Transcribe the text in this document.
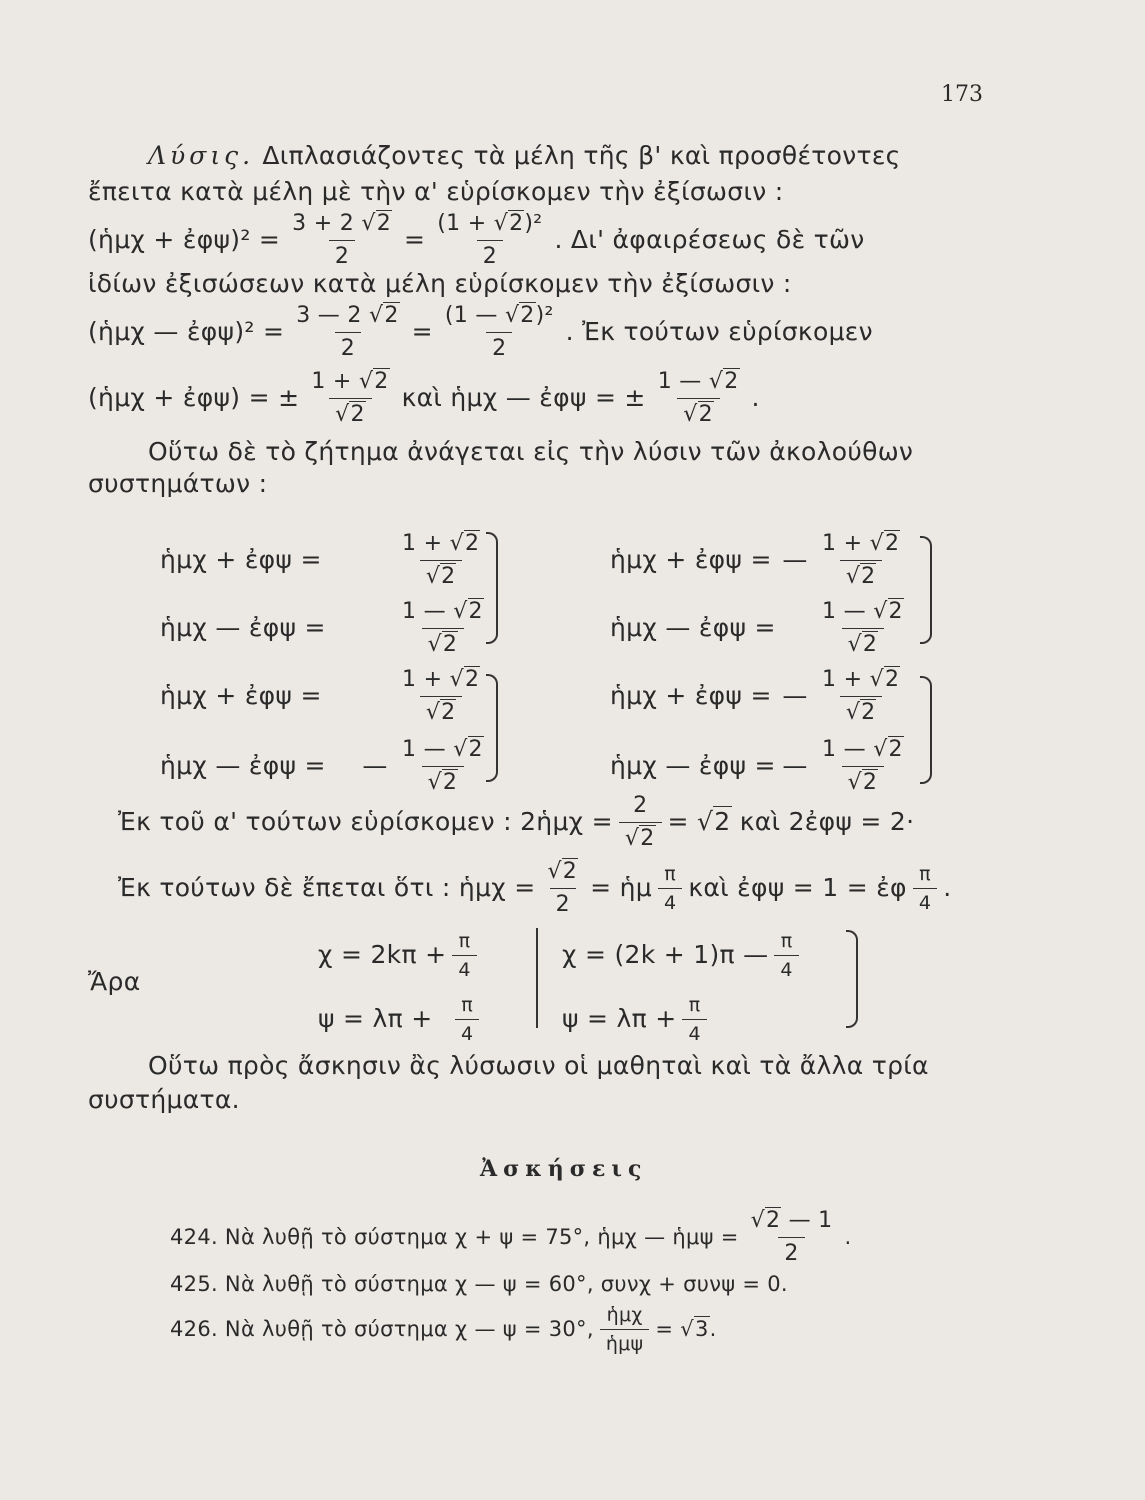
173
Λύσις. Διπλασιάζοντες τὰ μέλη τῆς β' καὶ προσθέτοντες
ἔπειτα κατὰ μέλη μὲ τὴν α' εὑρίσκομεν τὴν ἐξίσωσιν :
(ἡμχ + ἐφψ)² = $\frac{3 + 2 √2}{2} = \frac{\text{(1 + √2)²}}{2}$ . Δι' ἀφαιρέσεως δὲ τῶν
ἰδίων ἐξισώσεων κατὰ μέλη εὑρίσκομεν τὴν ἐξίσωσιν :
(ἡμχ — ἐφψ)² = $\frac{3 — 2 √2}{2} = \frac{\text{(1 — √2)²}}{2}$ . Ἐκ τούτων εὑρίσκομεν
(ἡμχ + ἐφψ) = ± $\frac{1 + √2}{√2}$ καὶ ἡμχ — ἐφψ = ± $\frac{1 — √2}{√2}$ .
Οὕτω δὲ τὸ ζήτημα ἀνάγεται εἰς τὴν λύσιν τῶν ἀκολούθων
συστημάτων :
Ἐκ τοῦ α' τούτων εὑρίσκομεν : 2ἡμχ = $\frac{2}{√2}$ =
√2
καὶ 2ἐφψ = 2·
Ἐκ τούτων δὲ ἔπεται ὅτι : ἡμχ = $\frac{√2}{2}$ = ἡμ $\frac{\pi}{4}$ καὶ ἐφψ = 1 = ἐφ $\frac{\pi}{4}$ .
Ἄρα
$\chi = 2k\pi + \frac{\pi}{4}$
ψ = λπ +
$\frac{\pi}{4}$
χ = (2k + 1)π — $\frac{\pi}{4}$
$\psi = \lambda\pi + \frac{\pi}{4}$
Οὕτω πρὸς ἄσκησιν ἂς λύσωσιν οἱ μαθηταὶ καὶ τὰ ἄλλα τρία
συστήματα.
Ἀσκήσεις
424. Νὰ λυθῇ τὸ σύστημα χ + ψ = 75°, ἡμχ — ἡμψ = $\frac{√2 — 1}{2}$ .
425. Νὰ λυθῇ τὸ σύστημα χ — ψ = 60°, συνχ + συνψ = 0.
426. Νὰ λυθῇ τὸ σύστημα χ — ψ = 30°, $\frac{\text{ἡμχ}}{\text{ἡμψ}}$ =
√3 .
ἡμχ + ἐφψ =	$\frac{1 + √2}{√2}$
ἡμχ — ἐφψ =	$\frac{1 — √2}{√2}$
ἡμχ + ἐφψ = — $\frac{1 + √2}{√2}$
ἡμχ — ἐφψ = $\frac{1 — √2}{√2}$
ἡμχ + ἐφψ =	$\frac{1 + √2}{√2}$
ἡμχ — ἐφψ =	— $\frac{1 — √2}{√2}$
ἡμχ + ἐφψ = — $\frac{1 + √2}{√2}$
ἡμχ — ἐφψ = — $\frac{1 — √2}{√2}$
